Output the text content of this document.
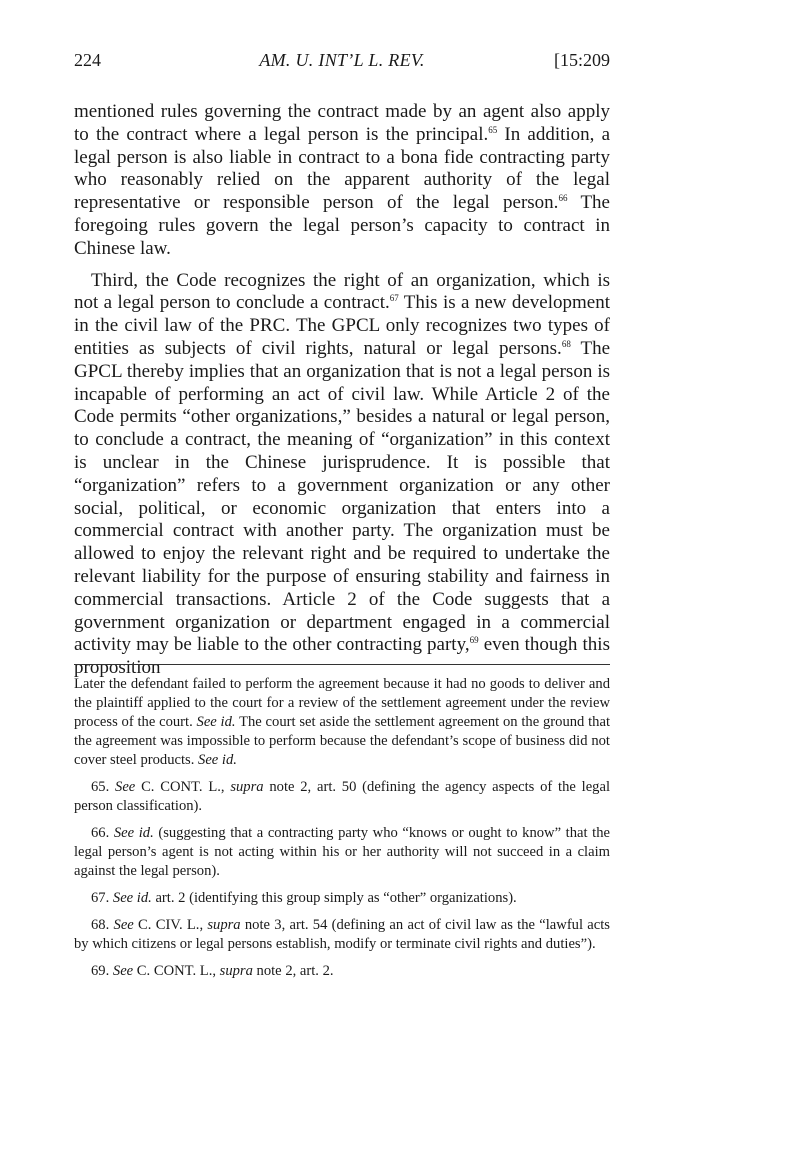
224	AM. U. INT’L L. REV.	[15:209

mentioned rules governing the contract made by an agent also apply to the contract where a legal person is the principal.$^{65}$ In addition, a legal person is also liable in contract to a bona fide contracting party who reasonably relied on the apparent authority of the legal representative or responsible person of the legal person.$^{66}$ The foregoing rules govern the legal person’s capacity to contract in Chinese law.

Third, the Code recognizes the right of an organization, which is not a legal person to conclude a contract.$^{67}$ This is a new development in the civil law of the PRC. The GPCL only recognizes two types of entities as subjects of civil rights, natural or legal persons.$^{68}$ The GPCL thereby implies that an organization that is not a legal person is incapable of performing an act of civil law. While Article 2 of the Code permits “other organizations,” besides a natural or legal person, to conclude a contract, the meaning of “organization” in this context is unclear in the Chinese jurisprudence. It is possible that “organization” refers to a government organization or any other social, political, or economic organization that enters into a commercial contract with another party. The organization must be allowed to enjoy the relevant right and be required to undertake the relevant liability for the purpose of ensuring stability and fairness in commercial transactions. Article 2 of the Code suggests that a government organization or department engaged in a commercial activity may be liable to the other contracting party,$^{69}$ even though this proposition

Later the defendant failed to perform the agreement because it had no goods to deliver and the plaintiff applied to the court for a review of the settlement agreement under the review process of the court. See id. The court set aside the settlement agreement on the ground that the agreement was impossible to perform because the defendant’s scope of business did not cover steel products. See id.

65. See C. CONT. L., supra note 2, art. 50 (defining the agency aspects of the legal person classification).

66. See id. (suggesting that a contracting party who “knows or ought to know” that the legal person’s agent is not acting within his or her authority will not succeed in a claim against the legal person).

67. See id. art. 2 (identifying this group simply as “other” organizations).

68. See C. CIV. L., supra note 3, art. 54 (defining an act of civil law as the “lawful acts by which citizens or legal persons establish, modify or terminate civil rights and duties”).

69. See C. CONT. L., supra note 2, art. 2.
